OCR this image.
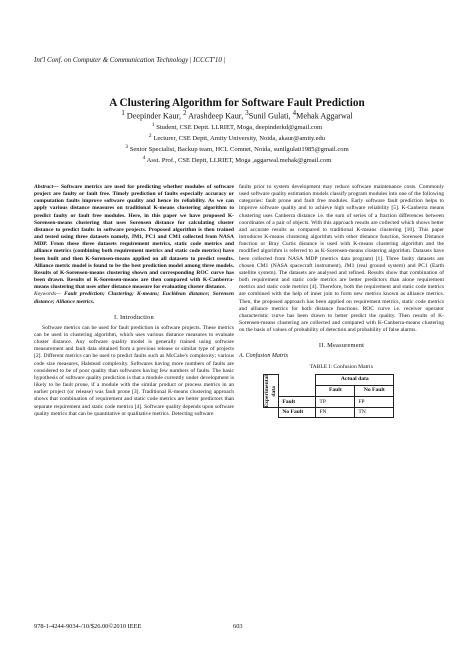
Int'l Conf. on Computer & Communication Technology | ICCCT'10 |
A Clustering Algorithm for Software Fault Prediction
$^1$ Deepinder Kaur, $^2$ Arashdeep Kaur, $^3$Sunil Gulati, $^4$Mehak Aggarwal
$^1$ Student, CSE Deptt. LLRIET, Moga, deepinderkd@gmail.com
$^2$ Lecturer, CSE Deptt, Amity University, Noida, akaur@amity.edu
$^3$ Senior Specialist, Backup team, HCL Comnet, Noida, sunilgulati1985@gmail.com
$^4$ Asst. Prof., CSE Deptt, LLRIET, Moga ,aggarwal.mehak@gmail.com

Abstract— Software metrics are used for predicting whether modules of software project are faulty or fault free. Timely prediction of faults especially accuracy or computation faults improve software quality and hence its reliability. As we can apply various distance measures on traditional K-means clustering algorithm to predict faulty or fault free modules. Here, in this paper we have proposed K-Sorensen-means clustering that uses Sorensen distance for calculating cluster distance to predict faults in software projects. Proposed algorithm is then trained and tested using three datasets namely, JM1, PC1 and CM1 collected from NASA MDP. From these three datasets requirement metrics, static code metrics and alliance metrics (combining both requirement metrics and static code metrics) have been built and then K-Sorensen-means applied on all datasets to predict results. Alliance metric model is found to be the best prediction model among three models. Results of K-Sorensen-means clustering shown and corresponding ROC curve has been drawn. Results of K-Sorensen-means are then compared with K-Canberra-means clustering that uses other distance measure for evaluating cluster distance.

Keywords— Fault prediction; Clustering; K-means; Euclidean distance; Sorensen distance; Alliance metrics.

I. Introduction

Software metrics can be used for fault prediction in software projects. These metrics can be used in clustering algorithm, which uses various distance measures to evaluate cluster distance. Any software quality model is generally trained using software measurement and fault data obtained from a previous release or similar type of projects [2]. Different metrics can be used to predict faults such as McCabe's complexity; various code size measures, Halstead complexity. Softwares having more numbers of faults are considered to be of poor quality than softwares having few numbers of faults. The basic hypothesis of software quality prediction is that a module currently under development is likely to be fault prone, if a module with the similar product or process metrics in an earlier project (or release) was fault prone [3]. Traditional K-means clustering approach shows that combination of requirement and static code metrics are better predictors than separate requirement and static code metrics [4]. Software quality depends upon software quality metrics that can be quantitative or qualitative metrics. Detecting software

faults prior to system development may reduce software maintenance costs. Commonly used software quality estimation models classify program modules into one of the following categories: fault prone and fault free modules. Early software fault prediction helps to improve software quality and to achieve high software reliability [5]. K-Canberra means clustering uses Canberra distance i.e. the sum of series of a fraction differences between coordinates of a pair of objects. With this approach results are collected which shows better and accurate results as compared to traditional K-means clustering [10]. This paper introduces K-means clustering algorithm with other distance function, Sorensen Distance function or Bray Curtis distance is used with K-means clustering algorithm and the modified algorithm is referred to as K-Sorensen-means clustering algorithm. Datasets have been collected from NASA MDP (metrics data program) [1]. Three faulty datasets are chosen CM1 (NASA spacecraft instrument), JM1 (real ground system) and PC1 (Earth satellite system). The datasets are analysed and refined. Results show that combination of both requirement and static code metrics are better predictors than alone requirement metrics and static code metrics [4]. Therefore, both the requirement and static code metrics are combined with the help of inner join to form new metrics known as alliance metrics. Then, the proposed approach has been applied on requirement metrics, static code metrics and alliance metrics for both distance functions. ROC curve i.e. receiver operator characteristic curve has been drawn to better predict the quality. Then results of K-Sorensen-means clustering are collected and compared with K-Canberra-means clustering on the basis of values of probability of detection and probability of false alarms.

II. Measurement
A. Confusion Matrix
TABLE I: Confusion Matrix
Experimental data		Actual data	
		Fault	No Fault
	Fault	TP	FP
	No Fault	FN	TN
978-1-4244-9034-/10/$26.00©2010 IEEE	603
